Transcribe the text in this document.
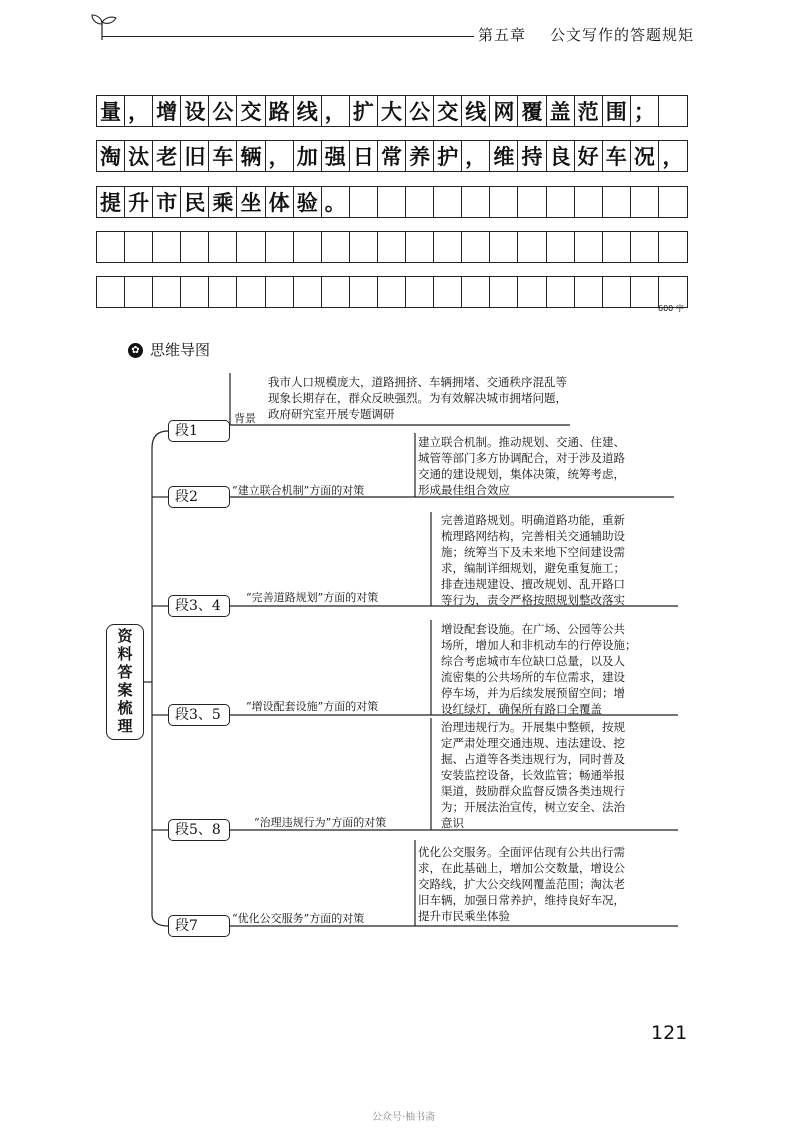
第五章 公文写作的答题规矩
量 ， 增 设 公 交 路 线 ， 扩 大 公 交 线 网 覆 盖 范 围 ；
淘 汰 老 旧 车 辆 ， 加 强 日 常 养 护 ， 维 持 良 好 车 况 ，
提 升 市 民 乘 坐 体 验 。
600 字
✿ 思维导图
资料答案梳理
段1
段2
段3、4
段3、5
段5、8
段7
背景
“建立联合机制”方面的对策
“完善道路规划”方面的对策
“增设配套设施”方面的对策
“治理违规行为”方面的对策
“优化公交服务”方面的对策
我市人口规模庞大，道路拥挤、车辆拥堵、交通秩序混乱等
现象长期存在，群众反映强烈。为有效解决城市拥堵问题，
政府研究室开展专题调研
建立联合机制。推动规划、交通、住建、
城管等部门多方协调配合，对于涉及道路
交通的建设规划，集体决策，统筹考虑，
形成最佳组合效应
完善道路规划。明确道路功能，重新
梳理路网结构，完善相关交通辅助设
施；统筹当下及未来地下空间建设需
求，编制详细规划，避免重复施工；
排查违规建设、擅改规划、乱开路口
等行为，责令严格按照规划整改落实
增设配套设施。在广场、公园等公共
场所，增加人和非机动车的行停设施；
综合考虑城市车位缺口总量，以及人
流密集的公共场所的车位需求，建设
停车场，并为后续发展预留空间；增
设红绿灯，确保所有路口全覆盖
治理违规行为。开展集中整顿，按规
定严肃处理交通违规、违法建设、挖
掘、占道等各类违规行为，同时普及
安装监控设备，长效监管；畅通举报
渠道，鼓励群众监督反馈各类违规行
为；开展法治宣传，树立安全、法治
意识
优化公交服务。全面评估现有公共出行需
求，在此基础上，增加公交数量，增设公
交路线，扩大公交线网覆盖范围；淘汰老
旧车辆，加强日常养护，维持良好车况，
提升市民乘坐体验
121
公众号·柚书斋
